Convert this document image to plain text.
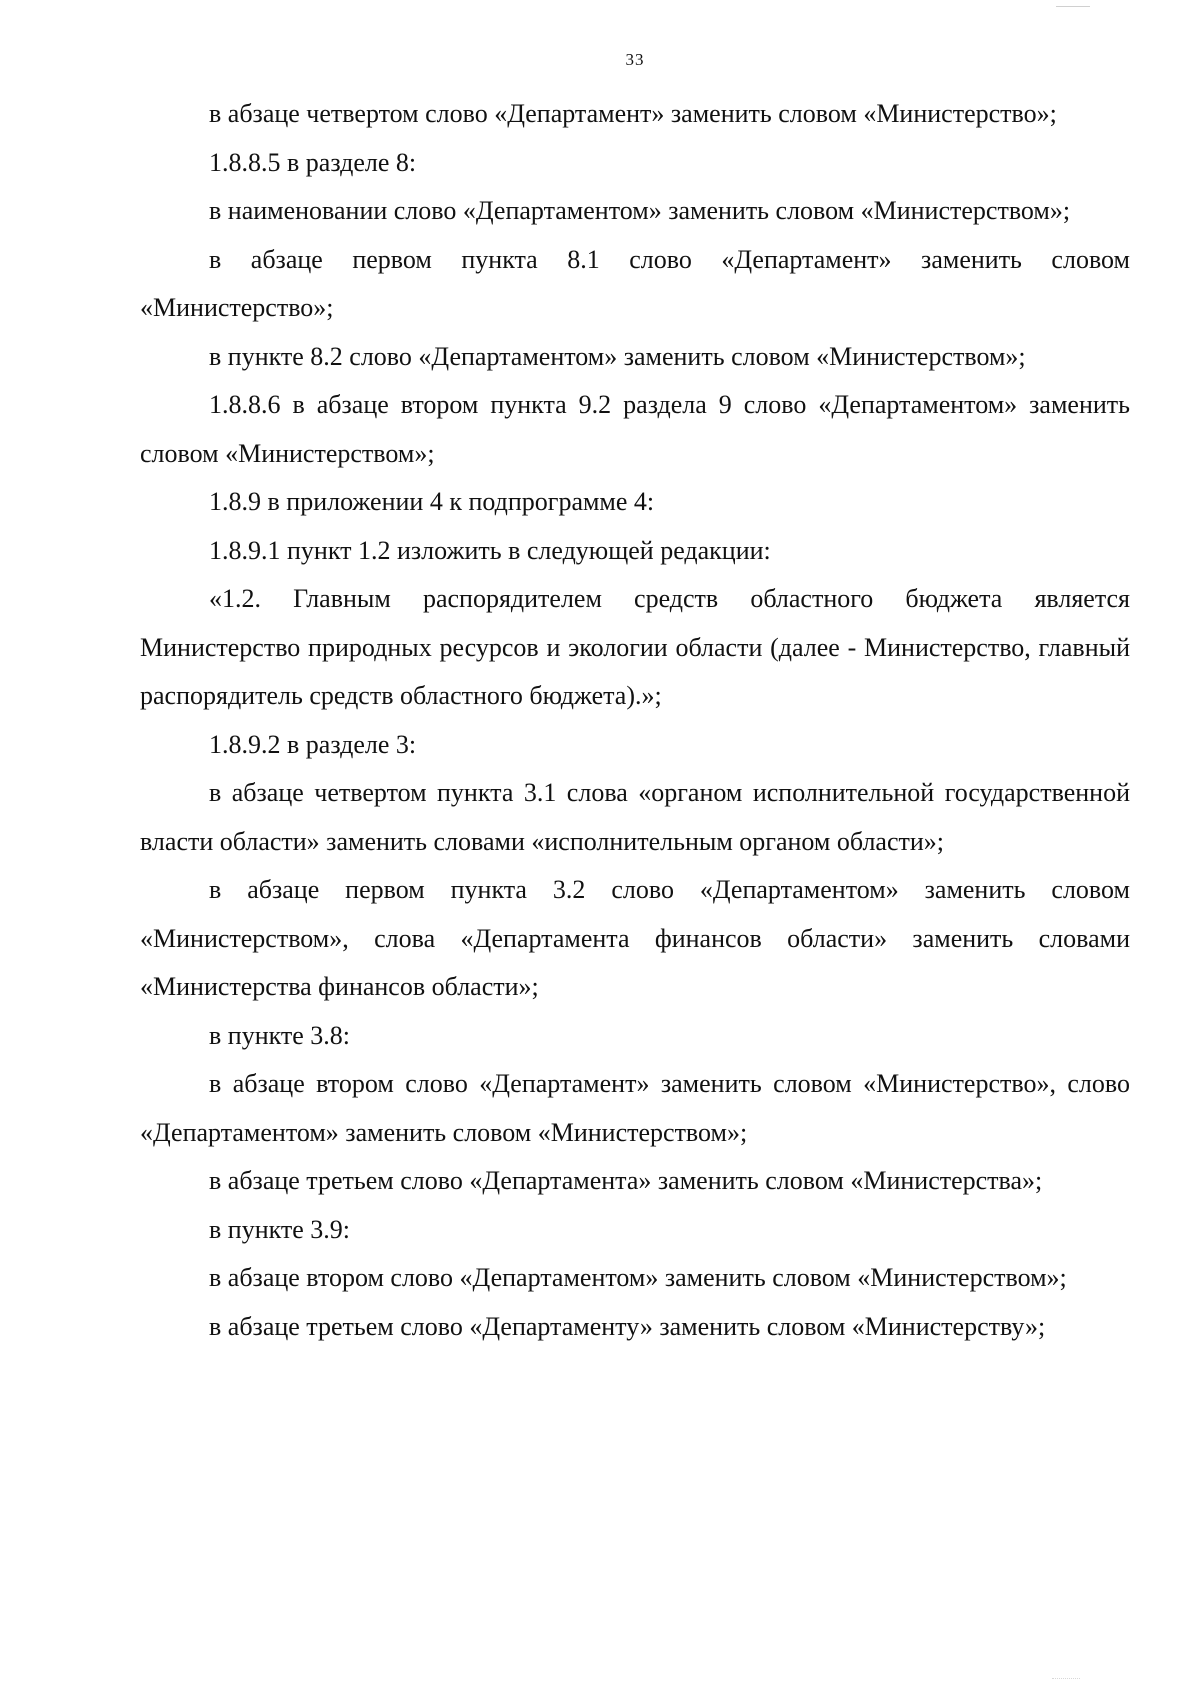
33

в абзаце четвертом слово «Департамент» заменить словом «Министерство»;

1.8.8.5 в разделе 8:

в наименовании слово «Департаментом» заменить словом «Министерством»;

в абзаце первом пункта 8.1 слово «Департамент» заменить словом «Министерство»;

в пункте 8.2 слово «Департаментом» заменить словом «Министерством»;

1.8.8.6 в абзаце втором пункта 9.2 раздела 9 слово «Департаментом» заменить словом «Министерством»;

1.8.9 в приложении 4 к подпрограмме 4:

1.8.9.1 пункт 1.2 изложить в следующей редакции:

«1.2. Главным распорядителем средств областного бюджета является Министерство природных ресурсов и экологии области (далее - Министерство, главный распорядитель средств областного бюджета).»;

1.8.9.2 в разделе 3:

в абзаце четвертом пункта 3.1 слова «органом исполнительной государственной власти области» заменить словами «исполнительным органом области»;

в абзаце первом пункта 3.2 слово «Департаментом» заменить словом «Министерством», слова «Департамента финансов области» заменить словами «Министерства финансов области»;

в пункте 3.8:

в абзаце втором слово «Департамент» заменить словом «Министерство», слово «Департаментом» заменить словом «Министерством»;

в абзаце третьем слово «Департамента» заменить словом «Министерства»;

в пункте 3.9:

в абзаце втором слово «Департаментом» заменить словом «Министерством»;

в абзаце третьем слово «Департаменту» заменить словом «Министерству»;
